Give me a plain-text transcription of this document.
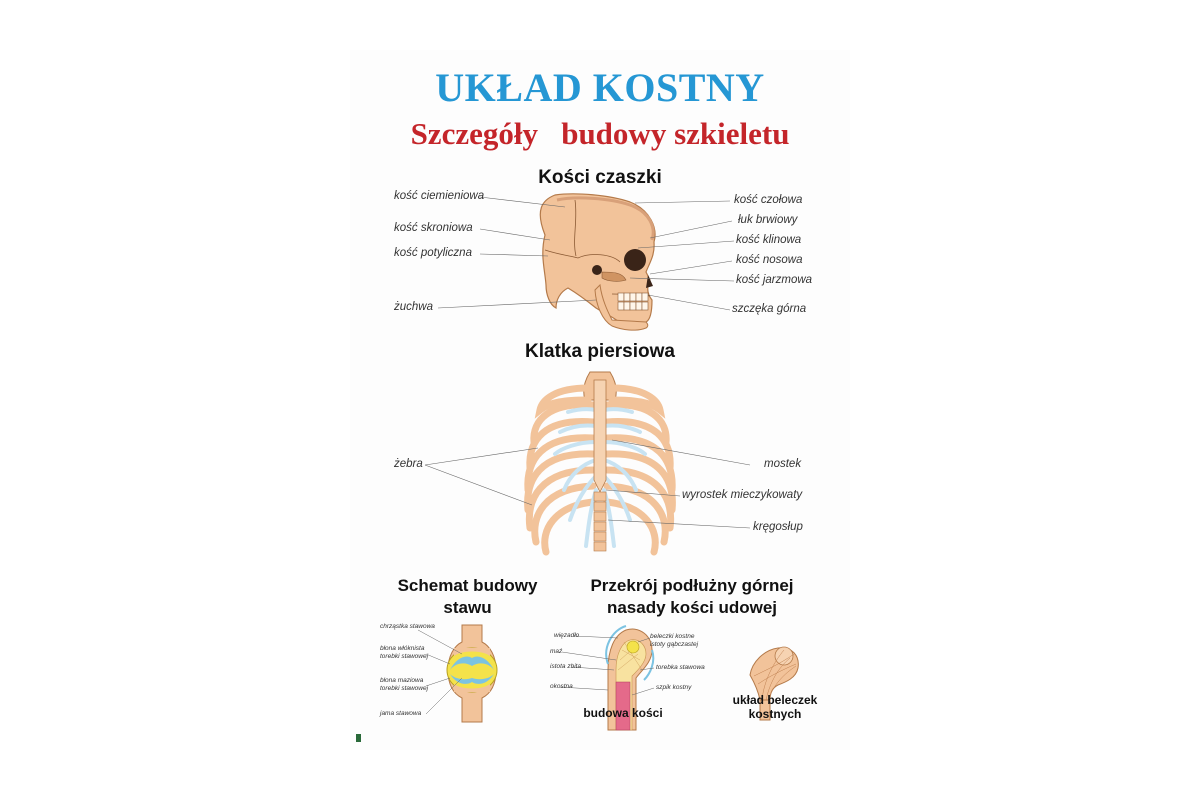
UKŁAD KOSTNY
Szczegóły   budowy szkieletu
Kości czaszki
kość ciemieniowa
kość skroniowa
kość potyliczna
żuchwa
kość czołowa
łuk brwiowy
kość klinowa
kość nosowa
kość jarzmowa
szczęka górna
Klatka piersiowa
żebra	mostek
wyrostek mieczykowaty
kręgosłup
Schemat budowy
stawu
chrząstka stawowa
błona włóknista
torebki stawowej
błona maziowa
torebki stawowej
jama stawowa
Przekrój podłużny górnej
nasady kości udowej
więzadło
maź
istota zbita
okostna
beleczki kostne
istoty gąbczastej
torebka stawowa
szpik kostny
budowa kości
układ beleczek
kostnych
